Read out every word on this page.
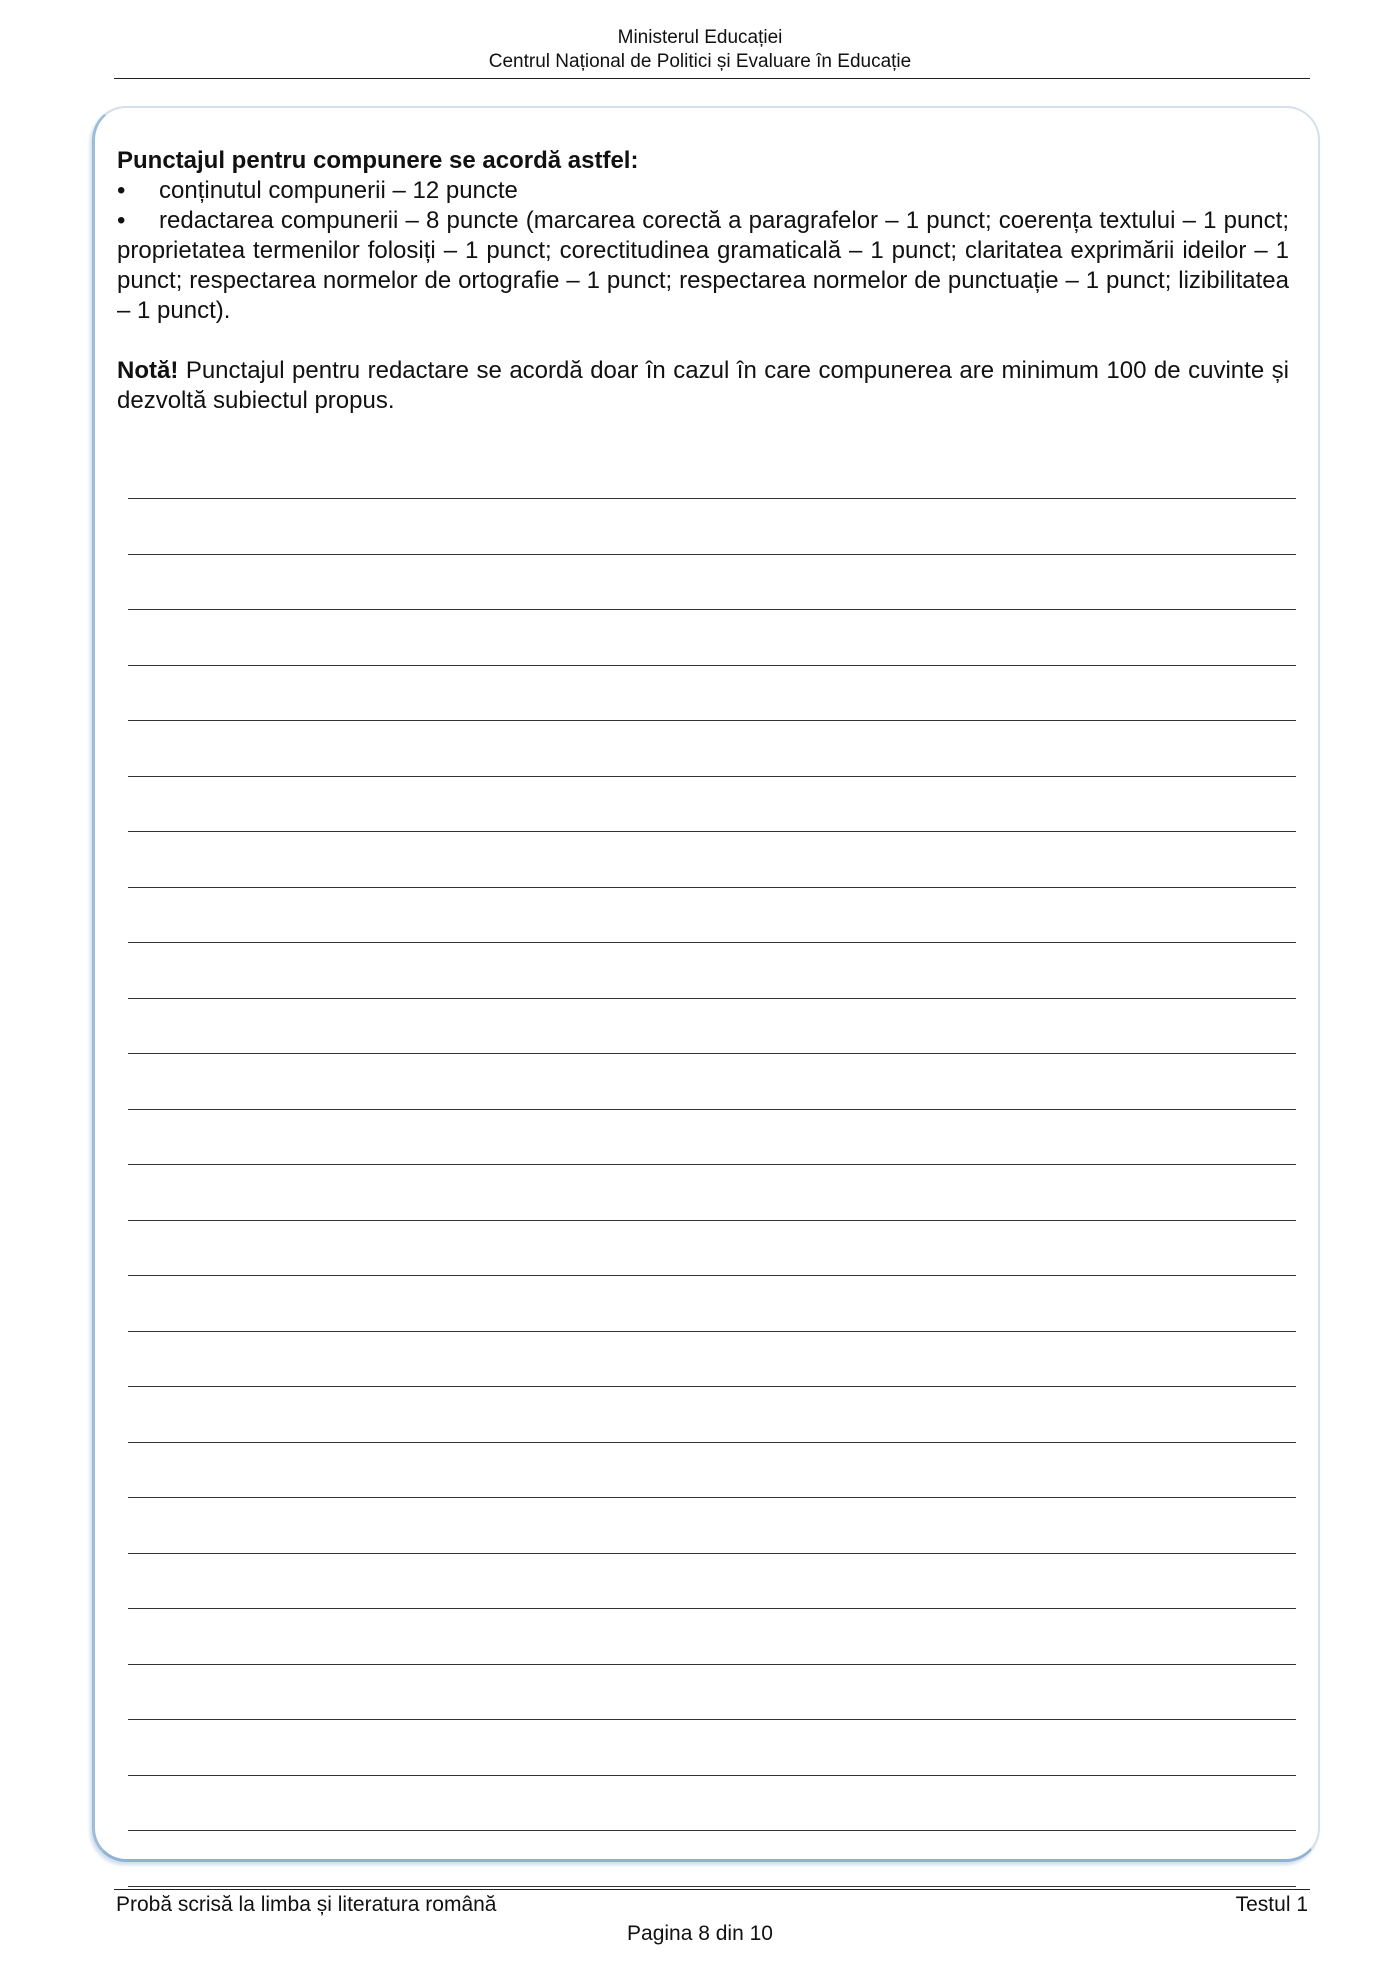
Ministerul Educației
Centrul Național de Politici și Evaluare în Educație
Punctajul pentru compunere se acordă astfel:
•	conținutul compunerii – 12 puncte

• redactarea compunerii – 8 puncte (marcarea corectă a paragrafelor – 1 punct; coerența textului – 1 punct; proprietatea termenilor folosiți – 1 punct; corectitudinea gramaticală – 1 punct; claritatea exprimării ideilor – 1 punct; respectarea normelor de ortografie – 1 punct; respectarea normelor de punctuație – 1 punct; lizibilitatea – 1 punct).

Notă! Punctajul pentru redactare se acordă doar în cazul în care compunerea are minimum 100 de cuvinte și dezvoltă subiectul propus.

Probă scrisă la limba și literatura română	Testul 1
Pagina 8 din 10
